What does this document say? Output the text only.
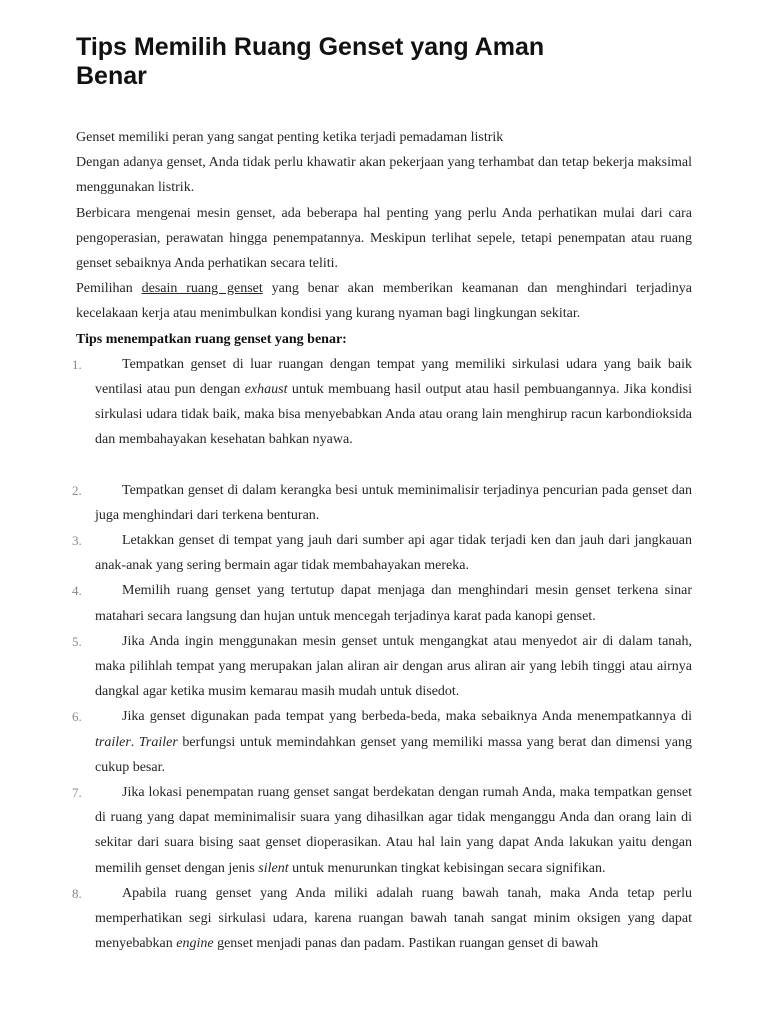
Tips Memilih Ruang Genset yang Aman
Benar

Genset memiliki peran yang sangat penting ketika terjadi pemadaman listrik

Dengan adanya genset, Anda tidak perlu khawatir akan pekerjaan yang terhambat dan tetap bekerja maksimal menggunakan listrik.

Berbicara mengenai mesin genset, ada beberapa hal penting yang perlu Anda perhatikan mulai dari cara pengoperasian, perawatan hingga penempatannya. Meskipun terlihat sepele, tetapi penempatan atau ruang genset sebaiknya Anda perhatikan secara teliti.

Pemilihan desain ruang genset yang benar akan memberikan keamanan dan menghindari terjadinya kecelakaan kerja atau menimbulkan kondisi yang kurang nyaman bagi lingkungan sekitar.

Tips menempatkan ruang genset yang benar:

1.	Tempatkan genset di luar ruangan dengan tempat yang memiliki sirkulasi udara yang baik baik ventilasi atau pun dengan exhaust untuk membuang hasil output atau hasil pembuangannya. Jika kondisi sirkulasi udara tidak baik, maka bisa menyebabkan Anda atau orang lain menghirup racun karbondioksida dan membahayakan kesehatan bahkan nyawa.
2.	Tempatkan genset di dalam kerangka besi untuk meminimalisir terjadinya pencurian pada genset dan juga menghindari dari terkena benturan.
3.	Letakkan genset di tempat yang jauh dari sumber api agar tidak terjadi ken dan jauh dari jangkauan anak-anak yang sering bermain agar tidak membahayakan mereka.
4.	Memilih ruang genset yang tertutup dapat menjaga dan menghindari mesin genset terkena sinar matahari secara langsung dan hujan untuk mencegah terjadinya karat pada kanopi genset.
5.	Jika Anda ingin menggunakan mesin genset untuk mengangkat atau menyedot air di dalam tanah, maka pilihlah tempat yang merupakan jalan aliran air dengan arus aliran air yang lebih tinggi atau airnya dangkal agar ketika musim kemarau masih mudah untuk disedot.
6.	Jika genset digunakan pada tempat yang berbeda-beda, maka sebaiknya Anda menempatkannya di trailer. Trailer berfungsi untuk memindahkan genset yang memiliki massa yang berat dan dimensi yang cukup besar.
7.	Jika lokasi penempatan ruang genset sangat berdekatan dengan rumah Anda, maka tempatkan genset di ruang yang dapat meminimalisir suara yang dihasilkan agar tidak menganggu Anda dan orang lain di sekitar dari suara bising saat genset dioperasikan. Atau hal lain yang dapat Anda lakukan yaitu dengan memilih genset dengan jenis silent untuk menurunkan tingkat kebisingan secara signifikan.
8.	Apabila ruang genset yang Anda miliki adalah ruang bawah tanah, maka Anda tetap perlu memperhatikan segi sirkulasi udara, karena ruangan bawah tanah sangat minim oksigen yang dapat menyebabkan engine genset menjadi panas dan padam. Pastikan ruangan genset di bawah
